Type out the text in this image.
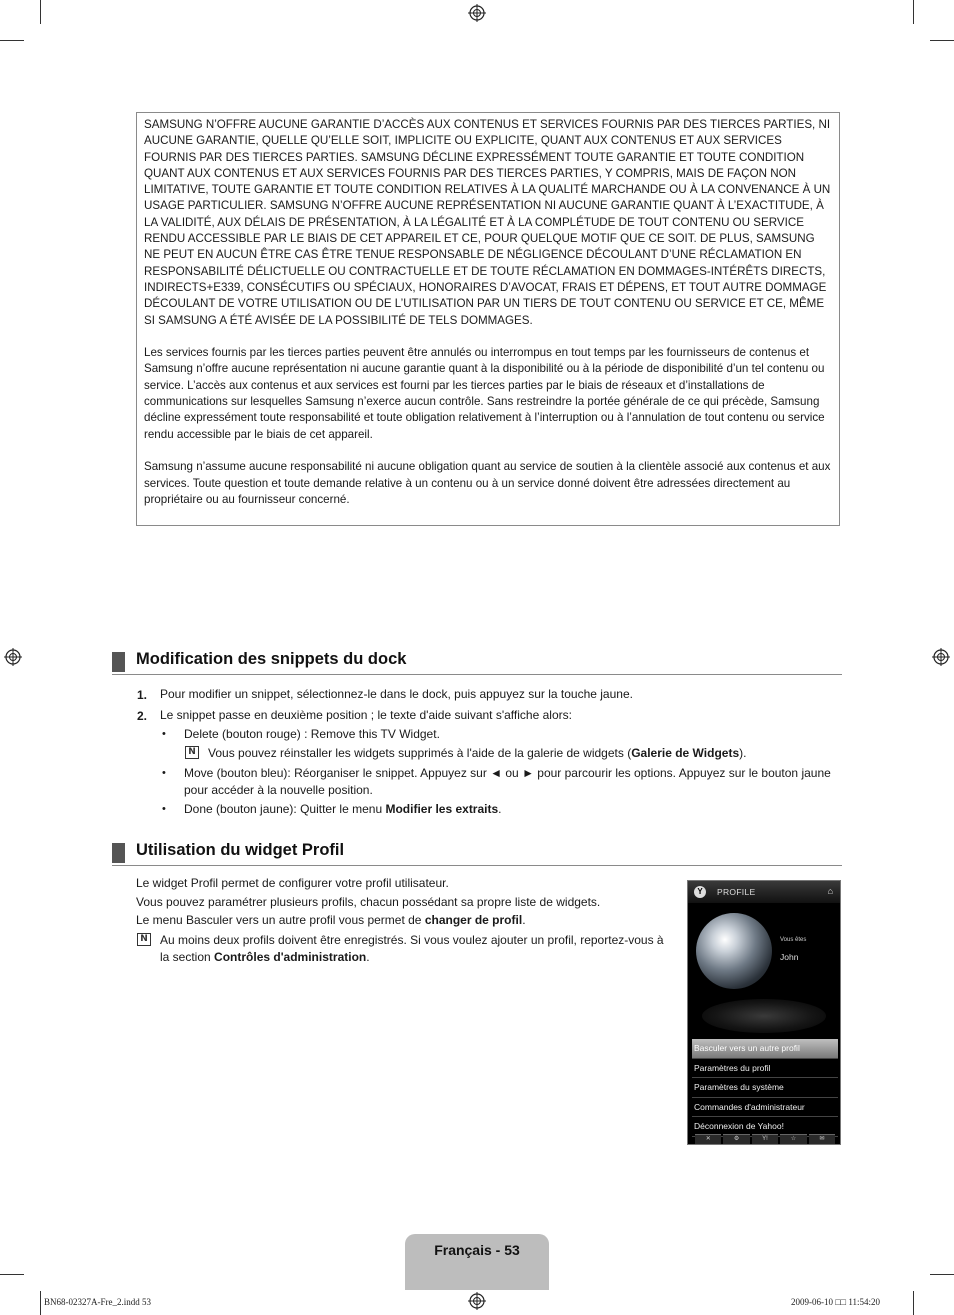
SAMSUNG N’OFFRE AUCUNE GARANTIE D’ACCÈS AUX CONTENUS ET SERVICES FOURNIS PAR DES TIERCES PARTIES, NI AUCUNE GARANTIE, QUELLE QU’ELLE SOIT, IMPLICITE OU EXPLICITE, QUANT AUX CONTENUS ET AUX SERVICES FOURNIS PAR DES TIERCES PARTIES. SAMSUNG DÉCLINE EXPRESSÉMENT TOUTE GARANTIE ET TOUTE CONDITION QUANT AUX CONTENUS ET AUX SERVICES FOURNIS PAR DES TIERCES PARTIES, Y COMPRIS, MAIS DE FAÇON NON LIMITATIVE, TOUTE GARANTIE ET TOUTE CONDITION RELATIVES À LA QUALITÉ MARCHANDE OU À LA CONVENANCE À UN USAGE PARTICULIER. SAMSUNG N’OFFRE AUCUNE REPRÉSENTATION NI AUCUNE GARANTIE QUANT À L’EXACTITUDE, À LA VALIDITÉ, AUX DÉLAIS DE PRÉSENTATION, À LA LÉGALITÉ ET À LA COMPLÉTUDE DE TOUT CONTENU OU SERVICE RENDU ACCESSIBLE PAR LE BIAIS DE CET APPAREIL ET CE, POUR QUELQUE MOTIF QUE CE SOIT. DE PLUS, SAMSUNG NE PEUT EN AUCUN ÊTRE CAS ÊTRE TENUE RESPONSABLE DE NÉGLIGENCE DÉCOULANT D’UNE RÉCLAMATION EN RESPONSABILITÉ DÉLICTUELLE OU CONTRACTUELLE ET DE TOUTE RÉCLAMATION EN DOMMAGES-INTÉRÊTS DIRECTS, INDIRECTS+E339, CONSÉCUTIFS OU SPÉCIAUX, HONORAIRES D’AVOCAT, FRAIS ET DÉPENS, ET TOUT AUTRE DOMMAGE DÉCOULANT DE VOTRE UTILISATION OU DE L’UTILISATION PAR UN TIERS DE TOUT CONTENU OU SERVICE ET CE, MÊME SI SAMSUNG A ÉTÉ AVISÉE DE LA POSSIBILITÉ DE TELS DOMMAGES.

Les services fournis par les tierces parties peuvent être annulés ou interrompus en tout temps par les fournisseurs de contenus et Samsung n’offre aucune représentation ni aucune garantie quant à la disponibilité ou à la période de disponibilité d’un tel contenu ou service. L’accès aux contenus et aux services est fourni par les tierces parties par le biais de réseaux et d’installations de communications sur lesquelles Samsung n’exerce aucun contrôle. Sans restreindre la portée générale de ce qui précède, Samsung décline expressément toute responsabilité et toute obligation relativement à l’interruption ou à l’annulation de tout contenu ou service rendu accessible par le biais de cet appareil.

Samsung n’assume aucune responsabilité ni aucune obligation quant au service de soutien à la clientèle associé aux contenus et aux services. Toute question et toute demande relative à un contenu ou à un service donné doivent être adressées directement au propriétaire ou au fournisseur concerné.

Modification des snippets du dock
1. Pour modifier un snippet, sélectionnez-le dans le dock, puis appuyez sur la touche jaune.
2. Le snippet passe en deuxième position ; le texte d'aide suivant s'affiche alors:
• Delete (bouton rouge) : Remove this TV Widget.
N Vous pouvez réinstaller les widgets supprimés à l'aide de la galerie de widgets (Galerie de Widgets).
• Move (bouton bleu): Réorganiser le snippet. Appuyez sur ◄ ou ► pour parcourir les options. Appuyez sur le bouton jaune
pour accéder à la nouvelle position.
• Done (bouton jaune): Quitter le menu Modifier les extraits.
Utilisation du widget Profil
Le widget Profil permet de configurer votre profil utilisateur.
Vous pouvez paramétrer plusieurs profils, chacun possédant sa propre liste de widgets.
Le menu Basculer vers un autre profil vous permet de changer de profil.
N Au moins deux profils doivent être enregistrés. Si vous voulez ajouter un profil, reportez-vous à
la section Contrôles d'administration.
Y	PROFILE	⌂
Vous êtes
John
Basculer vers un autre profil
Paramètres du profil
Paramètres du système
Commandes d'administrateur
Déconnexion de Yahoo!
✕	⚙	Y!	☆	✉
Français - 53
BN68-02327A-Fre_2.indd 53	2009-06-10 □□ 11:54:20
